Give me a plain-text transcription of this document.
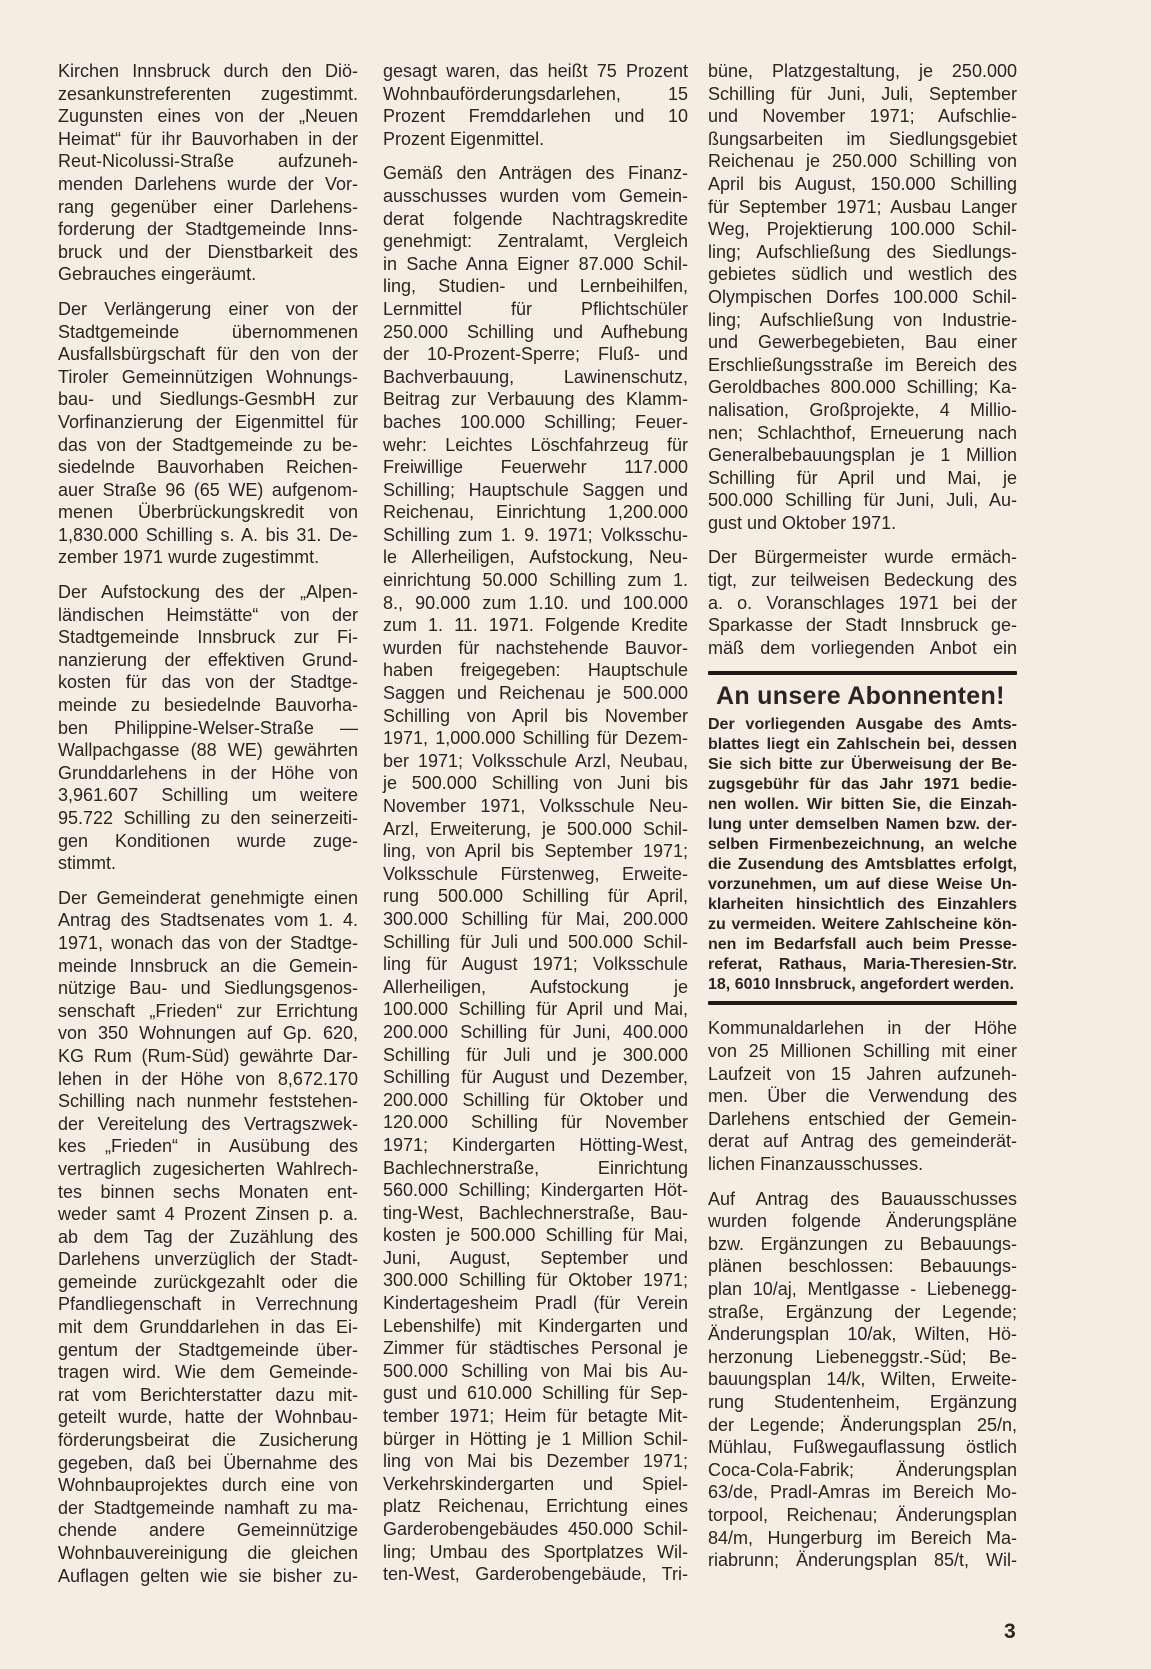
Kirchen Innsbruck durch den Diö-
zesankunstreferenten zugestimmt.
Zugunsten eines von der „Neuen
Heimat“ für ihr Bauvorhaben in der
Reut-Nicolussi-Straße aufzuneh-
menden Darlehens wurde der Vor-
rang gegenüber einer Darlehens-
forderung der Stadtgemeinde Inns-
bruck und der Dienstbarkeit des
Gebrauches eingeräumt.
Der Verlängerung einer von der
Stadtgemeinde übernommenen
Ausfallsbürgschaft für den von der
Tiroler Gemeinnützigen Wohnungs-
bau- und Siedlungs-GesmbH zur
Vorfinanzierung der Eigenmittel für
das von der Stadtgemeinde zu be-
siedelnde Bauvorhaben Reichen-
auer Straße 96 (65 WE) aufgenom-
menen Überbrückungskredit von
1,830.000 Schilling s. A. bis 31. De-
zember 1971 wurde zugestimmt.
Der Aufstockung des der „Alpen-
ländischen Heimstätte“ von der
Stadtgemeinde Innsbruck zur Fi-
nanzierung der effektiven Grund-
kosten für das von der Stadtge-
meinde zu besiedelnde Bauvorha-
ben Philippine-Welser-Straße —
Wallpachgasse (88 WE) gewährten
Grunddarlehens in der Höhe von
3,961.607 Schilling um weitere
95.722 Schilling zu den seinerzeiti-
gen Konditionen wurde zuge-
stimmt.
Der Gemeinderat genehmigte einen
Antrag des Stadtsenates vom 1. 4.
1971, wonach das von der Stadtge-
meinde Innsbruck an die Gemein-
nützige Bau- und Siedlungsgenos-
senschaft „Frieden“ zur Errichtung
von 350 Wohnungen auf Gp. 620,
KG Rum (Rum-Süd) gewährte Dar-
lehen in der Höhe von 8,672.170
Schilling nach nunmehr feststehen-
der Vereitelung des Vertragszwek-
kes „Frieden“ in Ausübung des
vertraglich zugesicherten Wahlrech-
tes binnen sechs Monaten ent-
weder samt 4 Prozent Zinsen p. a.
ab dem Tag der Zuzählung des
Darlehens unverzüglich der Stadt-
gemeinde zurückgezahlt oder die
Pfandliegenschaft in Verrechnung
mit dem Grunddarlehen in das Ei-
gentum der Stadtgemeinde über-
tragen wird. Wie dem Gemeinde-
rat vom Berichterstatter dazu mit-
geteilt wurde, hatte der Wohnbau-
förderungsbeirat die Zusicherung
gegeben, daß bei Übernahme des
Wohnbauprojektes durch eine von
der Stadtgemeinde namhaft zu ma-
chende andere Gemeinnützige
Wohnbauvereinigung die gleichen
Auflagen gelten wie sie bisher zu-
gesagt waren, das heißt 75 Prozent
Wohnbauförderungsdarlehen, 15
Prozent Fremddarlehen und 10
Prozent Eigenmittel.
Gemäß den Anträgen des Finanz-
ausschusses wurden vom Gemein-
derat folgende Nachtragskredite
genehmigt: Zentralamt, Vergleich
in Sache Anna Eigner 87.000 Schil-
ling, Studien- und Lernbeihilfen,
Lernmittel für Pflichtschüler
250.000 Schilling und Aufhebung
der 10-Prozent-Sperre; Fluß- und
Bachverbauung, Lawinenschutz,
Beitrag zur Verbauung des Klamm-
baches 100.000 Schilling; Feuer-
wehr: Leichtes Löschfahrzeug für
Freiwillige Feuerwehr 117.000
Schilling; Hauptschule Saggen und
Reichenau, Einrichtung 1,200.000
Schilling zum 1. 9. 1971; Volksschu-
le Allerheiligen, Aufstockung, Neu-
einrichtung 50.000 Schilling zum 1.
8., 90.000 zum 1.10. und 100.000
zum 1. 11. 1971. Folgende Kredite
wurden für nachstehende Bauvor-
haben freigegeben: Hauptschule
Saggen und Reichenau je 500.000
Schilling von April bis November
1971, 1,000.000 Schilling für Dezem-
ber 1971; Volksschule Arzl, Neubau,
je 500.000 Schilling von Juni bis
November 1971, Volksschule Neu-
Arzl, Erweiterung, je 500.000 Schil-
ling, von April bis September 1971;
Volksschule Fürstenweg, Erweite-
rung 500.000 Schilling für April,
300.000 Schilling für Mai, 200.000
Schilling für Juli und 500.000 Schil-
ling für August 1971; Volksschule
Allerheiligen, Aufstockung je
100.000 Schilling für April und Mai,
200.000 Schilling für Juni, 400.000
Schilling für Juli und je 300.000
Schilling für August und Dezember,
200.000 Schilling für Oktober und
120.000 Schilling für November
1971; Kindergarten Hötting-West,
Bachlechnerstraße, Einrichtung
560.000 Schilling; Kindergarten Höt-
ting-West, Bachlechnerstraße, Bau-
kosten je 500.000 Schilling für Mai,
Juni, August, September und
300.000 Schilling für Oktober 1971;
Kindertagesheim Pradl (für Verein
Lebenshilfe) mit Kindergarten und
Zimmer für städtisches Personal je
500.000 Schilling von Mai bis Au-
gust und 610.000 Schilling für Sep-
tember 1971; Heim für betagte Mit-
bürger in Hötting je 1 Million Schil-
ling von Mai bis Dezember 1971;
Verkehrskindergarten und Spiel-
platz Reichenau, Errichtung eines
Garderobengebäudes 450.000 Schil-
ling; Umbau des Sportplatzes Wil-
ten-West, Garderobengebäude, Tri-
büne, Platzgestaltung, je 250.000
Schilling für Juni, Juli, September
und November 1971; Aufschlie-
ßungsarbeiten im Siedlungsgebiet
Reichenau je 250.000 Schilling von
April bis August, 150.000 Schilling
für September 1971; Ausbau Langer
Weg, Projektierung 100.000 Schil-
ling; Aufschließung des Siedlungs-
gebietes südlich und westlich des
Olympischen Dorfes 100.000 Schil-
ling; Aufschließung von Industrie-
und Gewerbegebieten, Bau einer
Erschließungsstraße im Bereich des
Geroldbaches 800.000 Schilling; Ka-
nalisation, Großprojekte, 4 Millio-
nen; Schlachthof, Erneuerung nach
Generalbebauungsplan je 1 Million
Schilling für April und Mai, je
500.000 Schilling für Juni, Juli, Au-
gust und Oktober 1971.
Der Bürgermeister wurde ermäch-
tigt, zur teilweisen Bedeckung des
a. o. Voranschlages 1971 bei der
Sparkasse der Stadt Innsbruck ge-
mäß dem vorliegenden Anbot ein
An unsere Abonnenten!
Der vorliegenden Ausgabe des Amts-
blattes liegt ein Zahlschein bei, dessen
Sie sich bitte zur Überweisung der Be-
zugsgebühr für das Jahr 1971 bedie-
nen wollen. Wir bitten Sie, die Einzah-
lung unter demselben Namen bzw. der-
selben Firmenbezeichnung, an welche
die Zusendung des Amtsblattes erfolgt,
vorzunehmen, um auf diese Weise Un-
klarheiten hinsichtlich des Einzahlers
zu vermeiden. Weitere Zahlscheine kön-
nen im Bedarfsfall auch beim Presse-
referat, Rathaus, Maria-Theresien-Str.
18, 6010 Innsbruck, angefordert werden.
Kommunaldarlehen in der Höhe
von 25 Millionen Schilling mit einer
Laufzeit von 15 Jahren aufzuneh-
men. Über die Verwendung des
Darlehens entschied der Gemein-
derat auf Antrag des gemeinderät-
lichen Finanzausschusses.
Auf Antrag des Bauausschusses
wurden folgende Änderungspläne
bzw. Ergänzungen zu Bebauungs-
plänen beschlossen: Bebauungs-
plan 10/aj, Mentlgasse - Liebenegg-
straße, Ergänzung der Legende;
Änderungsplan 10/ak, Wilten, Hö-
herzonung Liebeneggstr.-Süd; Be-
bauungsplan 14/k, Wilten, Erweite-
rung Studentenheim, Ergänzung
der Legende; Änderungsplan 25/n,
Mühlau, Fußwegauflassung östlich
Coca-Cola-Fabrik; Änderungsplan
63/de, Pradl-Amras im Bereich Mo-
torpool, Reichenau; Änderungsplan
84/m, Hungerburg im Bereich Ma-
riabrunn; Änderungsplan 85/t, Wil-
3
